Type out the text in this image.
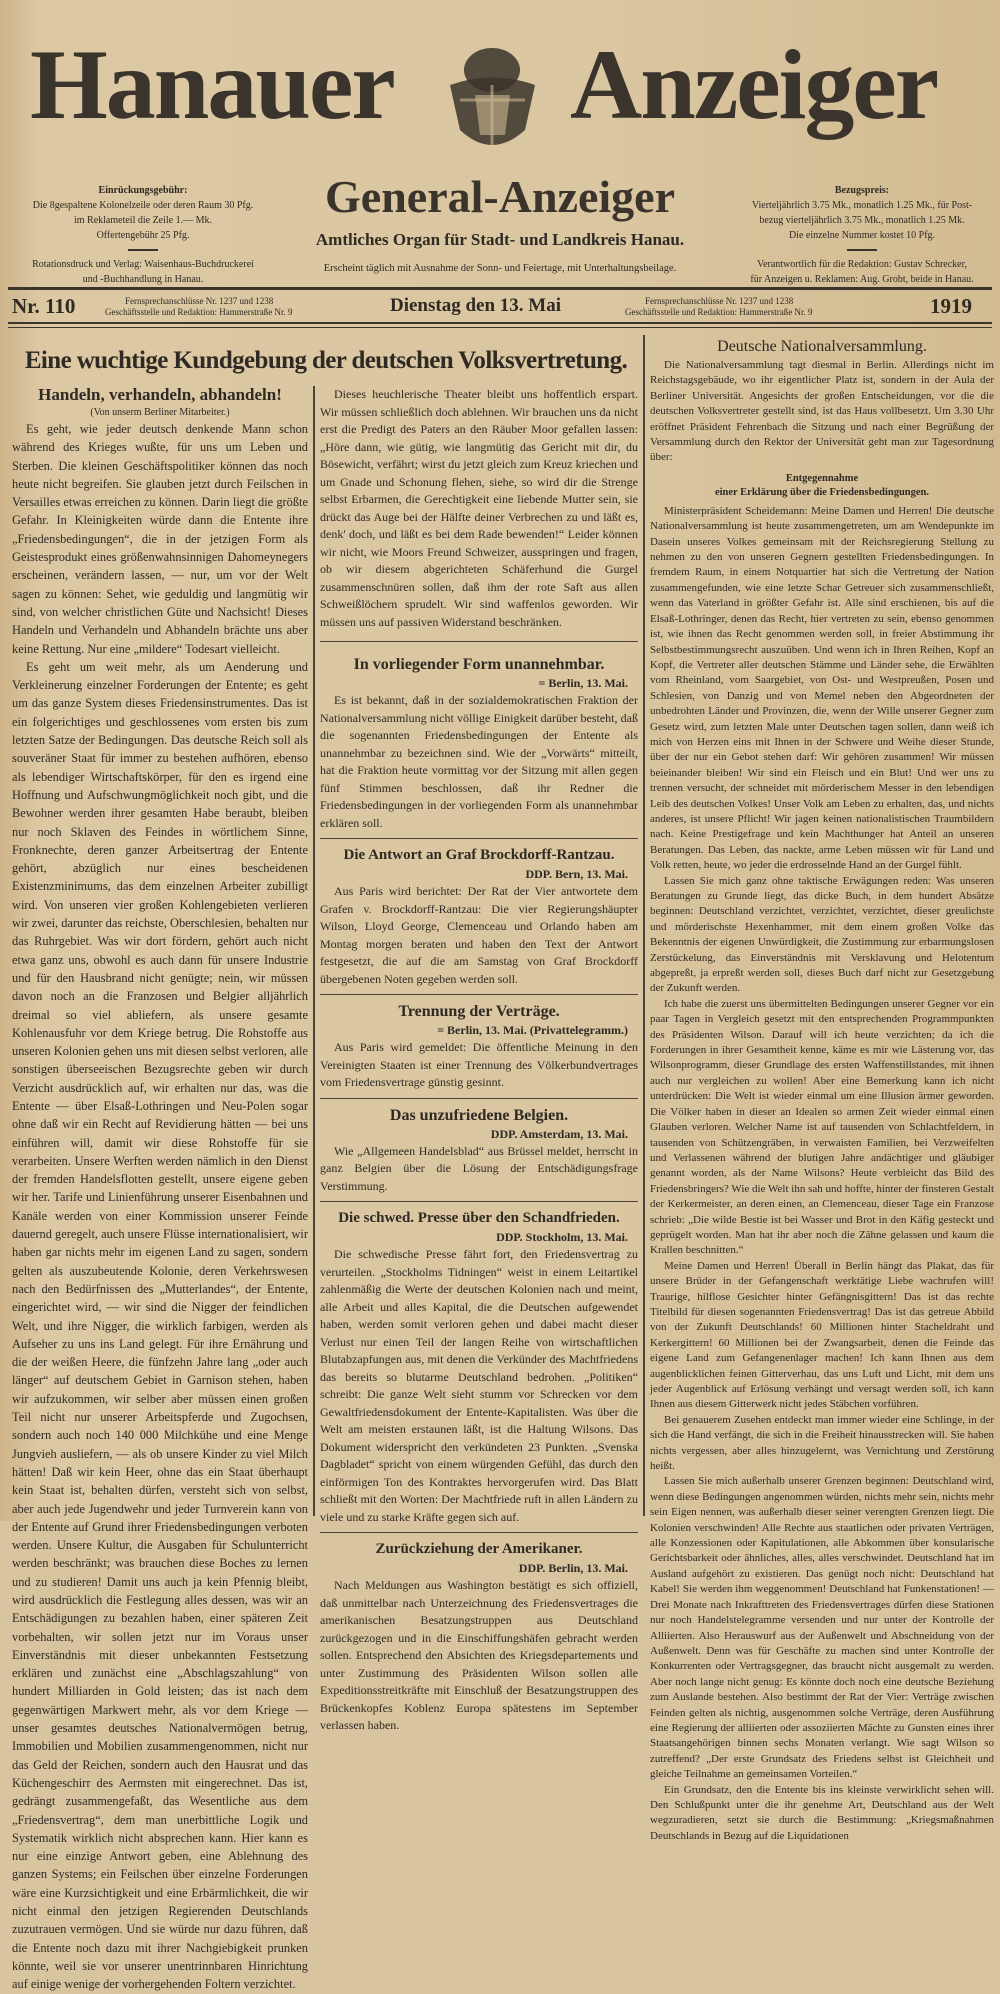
Hanauer Anzeiger
Einrückungsgebühr:
Die 8gespaltene Kolonelzeile oder deren Raum 30 Pfg.
im Reklameteil die Zeile 1.— Mk.
Offertengebühr 25 Pfg.
Rotationsdruck und Verlag: Waisenhaus-Buchdruckerei
und -Buchhandlung in Hanau.
General-Anzeiger
Amtliches Organ für Stadt- und Landkreis Hanau.
Erscheint täglich mit Ausnahme der Sonn- und Feiertage, mit Unterhaltungsbeilage.
Bezugspreis:
Vierteljährlich 3.75 Mk., monatlich 1.25 Mk., für Post-
bezug vierteljährlich 3.75 Mk., monatlich 1.25 Mk.
Die einzelne Nummer kostet 10 Pfg.
Verantwortlich für die Redaktion: Gustav Schrecker,
für Anzeigen u. Reklamen: Aug. Grobt, beide in Hanau.
Nr. 110	Fernsprechanschlüsse Nr. 1237 und 1238
Geschäftsstelle und Redaktion: Hammerstraße Nr. 9	Dienstag den 13. Mai	Fernsprechanschlüsse Nr. 1237 und 1238
Geschäftsstelle und Redaktion: Hammerstraße Nr. 9	1919
Eine wuchtige Kundgebung der deutschen Volksvertretung.
Handeln, verhandeln, abhandeln!
(Von unserm Berliner Mitarbeiter.)

Es geht, wie jeder deutsch denkende Mann schon während des Krieges wußte, für uns um Leben und Sterben. Die kleinen Geschäftspolitiker können das noch heute nicht begreifen. Sie glauben jetzt durch Feilschen in Versailles etwas erreichen zu können. Darin liegt die größte Gefahr. In Kleinigkeiten würde dann die Entente ihre „Friedensbedingungen“, die in der jetzigen Form als Geistesprodukt eines größenwahnsinnigen Dahomeynegers erscheinen, verändern lassen, — nur, um vor der Welt sagen zu können: Sehet, wie geduldig und langmütig wir sind, von welcher christlichen Güte und Nachsicht! Dieses Handeln und Verhandeln und Abhandeln brächte uns aber keine Rettung. Nur eine „mildere“ Todesart vielleicht.

Es geht um weit mehr, als um Aenderung und Verkleinerung einzelner Forderungen der Entente; es geht um das ganze System dieses Friedensinstrumentes. Das ist ein folgerichtiges und geschlossenes vom ersten bis zum letzten Satze der Bedingungen. Das deutsche Reich soll als souveräner Staat für immer zu bestehen aufhören, ebenso als lebendiger Wirtschaftskörper, für den es irgend eine Hoffnung und Aufschwungmöglichkeit noch gibt, und die Bewohner werden ihrer gesamten Habe beraubt, bleiben nur noch Sklaven des Feindes in wörtlichem Sinne, Fronknechte, deren ganzer Arbeitsertrag der Entente gehört, abzüglich nur eines bescheidenen Existenzminimums, das dem einzelnen Arbeiter zubilligt wird. Von unseren vier großen Kohlengebieten verlieren wir zwei, darunter das reichste, Oberschlesien, behalten nur das Ruhrgebiet. Was wir dort fördern, gehört auch nicht etwa ganz uns, obwohl es auch dann für unsere Industrie und für den Hausbrand nicht genügte; nein, wir müssen davon noch an die Franzosen und Belgier alljährlich dreimal so viel abliefern, als unsere gesamte Kohlenausfuhr vor dem Kriege betrug. Die Rohstoffe aus unseren Kolonien gehen uns mit diesen selbst verloren, alle sonstigen überseeischen Bezugsrechte geben wir durch Verzicht ausdrücklich auf, wir erhalten nur das, was die Entente — über Elsaß-Lothringen und Neu-Polen sogar ohne daß wir ein Recht auf Revidierung hätten — bei uns einführen will, damit wir diese Rohstoffe für sie verarbeiten. Unsere Werften werden nämlich in den Dienst der fremden Handelsflotten gestellt, unsere eigene geben wir her. Tarife und Linienführung unserer Eisenbahnen und Kanäle werden von einer Kommission unserer Feinde dauernd geregelt, auch unsere Flüsse internationalisiert, wir haben gar nichts mehr im eigenen Land zu sagen, sondern gelten als auszubeutende Kolonie, deren Verkehrswesen nach den Bedürfnissen des „Mutterlandes“, der Entente, eingerichtet wird, — wir sind die Nigger der feindlichen Welt, und ihre Nigger, die wirklich farbigen, werden als Aufseher zu uns ins Land gelegt. Für ihre Ernährung und die der weißen Heere, die fünfzehn Jahre lang „oder auch länger“ auf deutschem Gebiet in Garnison stehen, haben wir aufzukommen, wir selber aber müssen einen großen Teil nicht nur unserer Arbeitspferde und Zugochsen, sondern auch noch 140 000 Milchkühe und eine Menge Jungvieh ausliefern, — als ob unsere Kinder zu viel Milch hätten! Daß wir kein Heer, ohne das ein Staat überhaupt kein Staat ist, behalten dürfen, versteht sich von selbst, aber auch jede Jugendwehr und jeder Turnverein kann von der Entente auf Grund ihrer Friedensbedingungen verboten werden. Unsere Kultur, die Ausgaben für Schulunterricht werden beschränkt; was brauchen diese Boches zu lernen und zu studieren! Damit uns auch ja kein Pfennig bleibt, wird ausdrücklich die Festlegung alles dessen, was wir an Entschädigungen zu bezahlen haben, einer späteren Zeit vorbehalten, wir sollen jetzt nur im Voraus unser Einverständnis mit dieser unbekannten Festsetzung erklären und zunächst eine „Abschlagszahlung“ von hundert Milliarden in Gold leisten; das ist nach dem gegenwärtigen Markwert mehr, als vor dem Kriege — unser gesamtes deutsches Nationalvermögen betrug, Immobilien und Mobilien zusammengenommen, nicht nur das Geld der Reichen, sondern auch den Hausrat und das Küchengeschirr des Aermsten mit eingerechnet. Das ist, gedrängt zusammengefaßt, das Wesentliche aus dem „Friedensvertrag“, dem man unerbittliche Logik und Systematik wirklich nicht absprechen kann. Hier kann es nur eine einzige Antwort geben, eine Ablehnung des ganzen Systems; ein Feilschen über einzelne Forderungen wäre eine Kurzsichtigkeit und eine Erbärmlichkeit, die wir nicht einmal den jetzigen Regierenden Deutschlands zuzutrauen vermögen. Und sie würde nur dazu führen, daß die Entente noch dazu mit ihrer Nachgiebigkeit prunken könnte, weil sie vor unserer unentrinnbaren Hinrichtung auf einige wenige der vorhergehenden Foltern verzichtet.

Dieses heuchlerische Theater bleibt uns hoffentlich erspart. Wir müssen schließlich doch ablehnen. Wir brauchen uns da nicht erst die Predigt des Paters an den Räuber Moor gefallen lassen: „Höre dann, wie gütig, wie langmütig das Gericht mit dir, du Bösewicht, verfährt; wirst du jetzt gleich zum Kreuz kriechen und um Gnade und Schonung flehen, siehe, so wird dir die Strenge selbst Erbarmen, die Gerechtigkeit eine liebende Mutter sein, sie drückt das Auge bei der Hälfte deiner Verbrechen zu und läßt es, denk' doch, und läßt es bei dem Rade bewenden!“ Leider können wir nicht, wie Moors Freund Schweizer, ausspringen und fragen, ob wir diesem abgerichteten Schäferhund die Gurgel zusammenschnüren sollen, daß ihm der rote Saft aus allen Schweißlöchern sprudelt. Wir sind waffenlos geworden. Wir müssen uns auf passiven Widerstand beschränken.

In vorliegender Form unannehmbar.
= Berlin, 13. Mai.

Es ist bekannt, daß in der sozialdemokratischen Fraktion der Nationalversammlung nicht völlige Einigkeit darüber besteht, daß die sogenannten Friedensbedingungen der Entente als unannehmbar zu bezeichnen sind. Wie der „Vorwärts“ mitteilt, hat die Fraktion heute vormittag vor der Sitzung mit allen gegen fünf Stimmen beschlossen, daß ihr Redner die Friedensbedingungen in der vorliegenden Form als unannehmbar erklären soll.

Die Antwort an Graf Brockdorff-Rantzau.
DDP. Bern, 13. Mai.

Aus Paris wird berichtet: Der Rat der Vier antwortete dem Grafen v. Brockdorff-Rantzau: Die vier Regierungshäupter Wilson, Lloyd George, Clemenceau und Orlando haben am Montag morgen beraten und haben den Text der Antwort festgesetzt, die auf die am Samstag von Graf Brockdorff übergebenen Noten gegeben werden soll.

Trennung der Verträge.
= Berlin, 13. Mai. (Privattelegramm.)

Aus Paris wird gemeldet: Die öffentliche Meinung in den Vereinigten Staaten ist einer Trennung des Völkerbundvertrages vom Friedensvertrage günstig gesinnt.

Das unzufriedene Belgien.
DDP. Amsterdam, 13. Mai.

Wie „Allgemeen Handelsblad“ aus Brüssel meldet, herrscht in ganz Belgien über die Lösung der Entschädigungsfrage Verstimmung.

Die schwed. Presse über den Schandfrieden.
DDP. Stockholm, 13. Mai.

Die schwedische Presse fährt fort, den Friedensvertrag zu verurteilen. „Stockholms Tidningen“ weist in einem Leitartikel zahlenmäßig die Werte der deutschen Kolonien nach und meint, alle Arbeit und alles Kapital, die die Deutschen aufgewendet haben, werden somit verloren gehen und dabei macht dieser Verlust nur einen Teil der langen Reihe von wirtschaftlichen Blutabzapfungen aus, mit denen die Verkünder des Machtfriedens das bereits so blutarme Deutschland bedrohen. „Politiken“ schreibt: Die ganze Welt sieht stumm vor Schrecken vor dem Gewaltfriedensdokument der Entente-Kapitalisten. Was über die Welt am meisten erstaunen läßt, ist die Haltung Wilsons. Das Dokument widerspricht den verkündeten 23 Punkten. „Svenska Dagbladet“ spricht von einem würgenden Gefühl, das durch den einförmigen Ton des Kontraktes hervorgerufen wird. Das Blatt schließt mit den Worten: Der Machtfriede ruft in allen Ländern zu viele und zu starke Kräfte gegen sich auf.

Zurückziehung der Amerikaner.
DDP. Berlin, 13. Mai.

Nach Meldungen aus Washington bestätigt es sich offiziell, daß unmittelbar nach Unterzeichnung des Friedensvertrages die amerikanischen Besatzungstruppen aus Deutschland zurückgezogen und in die Einschiffungshäfen gebracht werden sollen. Entsprechend den Absichten des Kriegsdepartements und unter Zustimmung des Präsidenten Wilson sollen alle Expeditionsstreitkräfte mit Einschluß der Besatzungstruppen des Brückenkopfes Koblenz Europa spätestens im September verlassen haben.

Deutsche Nationalversammlung.

Die Nationalversammlung tagt diesmal in Berlin. Allerdings nicht im Reichstagsgebäude, wo ihr eigentlicher Platz ist, sondern in der Aula der Berliner Universität. Angesichts der großen Entscheidungen, vor die die deutschen Volksvertreter gestellt sind, ist das Haus vollbesetzt. Um 3.30 Uhr eröffnet Präsident Fehrenbach die Sitzung und nach einer Begrüßung der Versammlung durch den Rektor der Universität geht man zur Tagesordnung über:

Entgegennahme
einer Erklärung über die Friedensbedingungen.

Ministerpräsident Scheidemann: Meine Damen und Herren! Die deutsche Nationalversammlung ist heute zusammengetreten, um am Wendepunkte im Dasein unseres Volkes gemeinsam mit der Reichsregierung Stellung zu nehmen zu den von unseren Gegnern gestellten Friedensbedingungen. In fremdem Raum, in einem Notquartier hat sich die Vertretung der Nation zusammengefunden, wie eine letzte Schar Getreuer sich zusammenschließt, wenn das Vaterland in größter Gefahr ist. Alle sind erschienen, bis auf die Elsaß-Lothringer, denen das Recht, hier vertreten zu sein, ebenso genommen ist, wie ihnen das Recht genommen werden soll, in freier Abstimmung ihr Selbstbestimmungsrecht auszuüben. Und wenn ich in Ihren Reihen, Kopf an Kopf, die Vertreter aller deutschen Stämme und Länder sehe, die Erwählten vom Rheinland, vom Saargebiet, von Ost- und Westpreußen, Posen und Schlesien, von Danzig und von Memel neben den Abgeordneten der unbedrohten Länder und Provinzen, die, wenn der Wille unserer Gegner zum Gesetz wird, zum letzten Male unter Deutschen tagen sollen, dann weiß ich mich von Herzen eins mit Ihnen in der Schwere und Weihe dieser Stunde, über der nur ein Gebot stehen darf: Wir gehören zusammen! Wir müssen beieinander bleiben! Wir sind ein Fleisch und ein Blut! Und wer uns zu trennen versucht, der schneidet mit mörderischem Messer in den lebendigen Leib des deutschen Volkes! Unser Volk am Leben zu erhalten, das, und nichts anderes, ist unsere Pflicht! Wir jagen keinen nationalistischen Traumbildern nach. Keine Prestigefrage und kein Machthunger hat Anteil an unseren Beratungen. Das Leben, das nackte, arme Leben müssen wir für Land und Volk retten, heute, wo jeder die erdrosselnde Hand an der Gurgel fühlt.

Lassen Sie mich ganz ohne taktische Erwägungen reden: Was unseren Beratungen zu Grunde liegt, das dicke Buch, in dem hundert Absätze beginnen: Deutschland verzichtet, verzichtet, verzichtet, dieser greulichste und mörderischste Hexenhammer, mit dem einem großen Volke das Bekenntnis der eigenen Unwürdigkeit, die Zustimmung zur erbarmungslosen Zerstückelung, das Einverständnis mit Versklavung und Helotentum abgepreßt, ja erpreßt werden soll, dieses Buch darf nicht zur Gesetzgebung der Zukunft werden.

Ich habe die zuerst uns übermittelten Bedingungen unserer Gegner vor ein paar Tagen in Vergleich gesetzt mit den entsprechenden Programmpunkten des Präsidenten Wilson. Darauf will ich heute verzichten; da ich die Forderungen in ihrer Gesamtheit kenne, käme es mir wie Lästerung vor, das Wilsonprogramm, dieser Grundlage des ersten Waffenstillstandes, mit ihnen auch nur vergleichen zu wollen! Aber eine Bemerkung kann ich nicht unterdrücken: Die Welt ist wieder einmal um eine Illusion ärmer geworden. Die Völker haben in dieser an Idealen so armen Zeit wieder einmal einen Glauben verloren. Welcher Name ist auf tausenden von Schlachtfeldern, in tausenden von Schützengräben, in verwaisten Familien, bei Verzweifelten und Verlassenen während der blutigen Jahre andächtiger und gläubiger genannt worden, als der Name Wilsons? Heute verbleicht das Bild des Friedensbringers? Wie die Welt ihn sah und hoffte, hinter der finsteren Gestalt der Kerkermeister, an deren einen, an Clemenceau, dieser Tage ein Franzose schrieb: „Die wilde Bestie ist bei Wasser und Brot in den Käfig gesteckt und geprügelt worden. Man hat ihr aber noch die Zähne gelassen und kaum die Krallen beschnitten.“

Meine Damen und Herren! Überall in Berlin hängt das Plakat, das für unsere Brüder in der Gefangenschaft werktätige Liebe wachrufen will! Traurige, hilflose Gesichter hinter Gefängnisgittern! Das ist das rechte Titelbild für diesen sogenannten Friedensvertrag! Das ist das getreue Abbild von der Zukunft Deutschlands! 60 Millionen hinter Stacheldraht und Kerkergittern! 60 Millionen bei der Zwangsarbeit, denen die Feinde das eigene Land zum Gefangenenlager machen! Ich kann Ihnen aus dem augenblicklichen feinen Gitterverhau, das uns Luft und Licht, mit dem uns jeder Augenblick auf Erlösung verhängt und versagt werden soll, ich kann Ihnen aus diesem Gitterwerk nicht jedes Stäbchen vorführen.

Bei genauerem Zusehen entdeckt man immer wieder eine Schlinge, in der sich die Hand verfängt, die sich in die Freiheit hinausstrecken will. Sie haben nichts vergessen, aber alles hinzugelernt, was Vernichtung und Zerstörung heißt.

Lassen Sie mich außerhalb unserer Grenzen beginnen: Deutschland wird, wenn diese Bedingungen angenommen würden, nichts mehr sein, nichts mehr sein Eigen nennen, was außerhalb dieser seiner verengten Grenzen liegt. Die Kolonien verschwinden! Alle Rechte aus staatlichen oder privaten Verträgen, alle Konzessionen oder Kapitulationen, alle Abkommen über konsularische Gerichtsbarkeit oder ähnliches, alles, alles verschwindet. Deutschland hat im Ausland aufgehört zu existieren. Das genügt noch nicht: Deutschland hat Kabel! Sie werden ihm weggenommen! Deutschland hat Funkenstationen! — Drei Monate nach Inkrafttreten des Friedensvertrages dürfen diese Stationen nur noch Handelstelegramme versenden und nur unter der Kontrolle der Alliierten. Also Herauswurf aus der Außenwelt und Abschneidung von der Außenwelt. Denn was für Geschäfte zu machen sind unter Kontrolle der Konkurrenten oder Vertragsgegner, das braucht nicht ausgemalt zu werden. Aber noch lange nicht genug: Es könnte doch noch eine deutsche Beziehung zum Auslande bestehen. Also bestimmt der Rat der Vier: Verträge zwischen Feinden gelten als nichtig, ausgenommen solche Verträge, deren Ausführung eine Regierung der alliierten oder assoziierten Mächte zu Gunsten eines ihrer Staatsangehörigen binnen sechs Monaten verlangt. Wie sagt Wilson so zutreffend? „Der erste Grundsatz des Friedens selbst ist Gleichheit und gleiche Teilnahme an gemeinsamen Vorteilen.“

Ein Grundsatz, den die Entente bis ins kleinste verwirklicht sehen will. Den Schlußpunkt unter die ihr genehme Art, Deutschland aus der Welt wegzuradieren, setzt sie durch die Bestimmung: „Kriegsmaßnahmen Deutschlands in Bezug auf die Liquidationen
